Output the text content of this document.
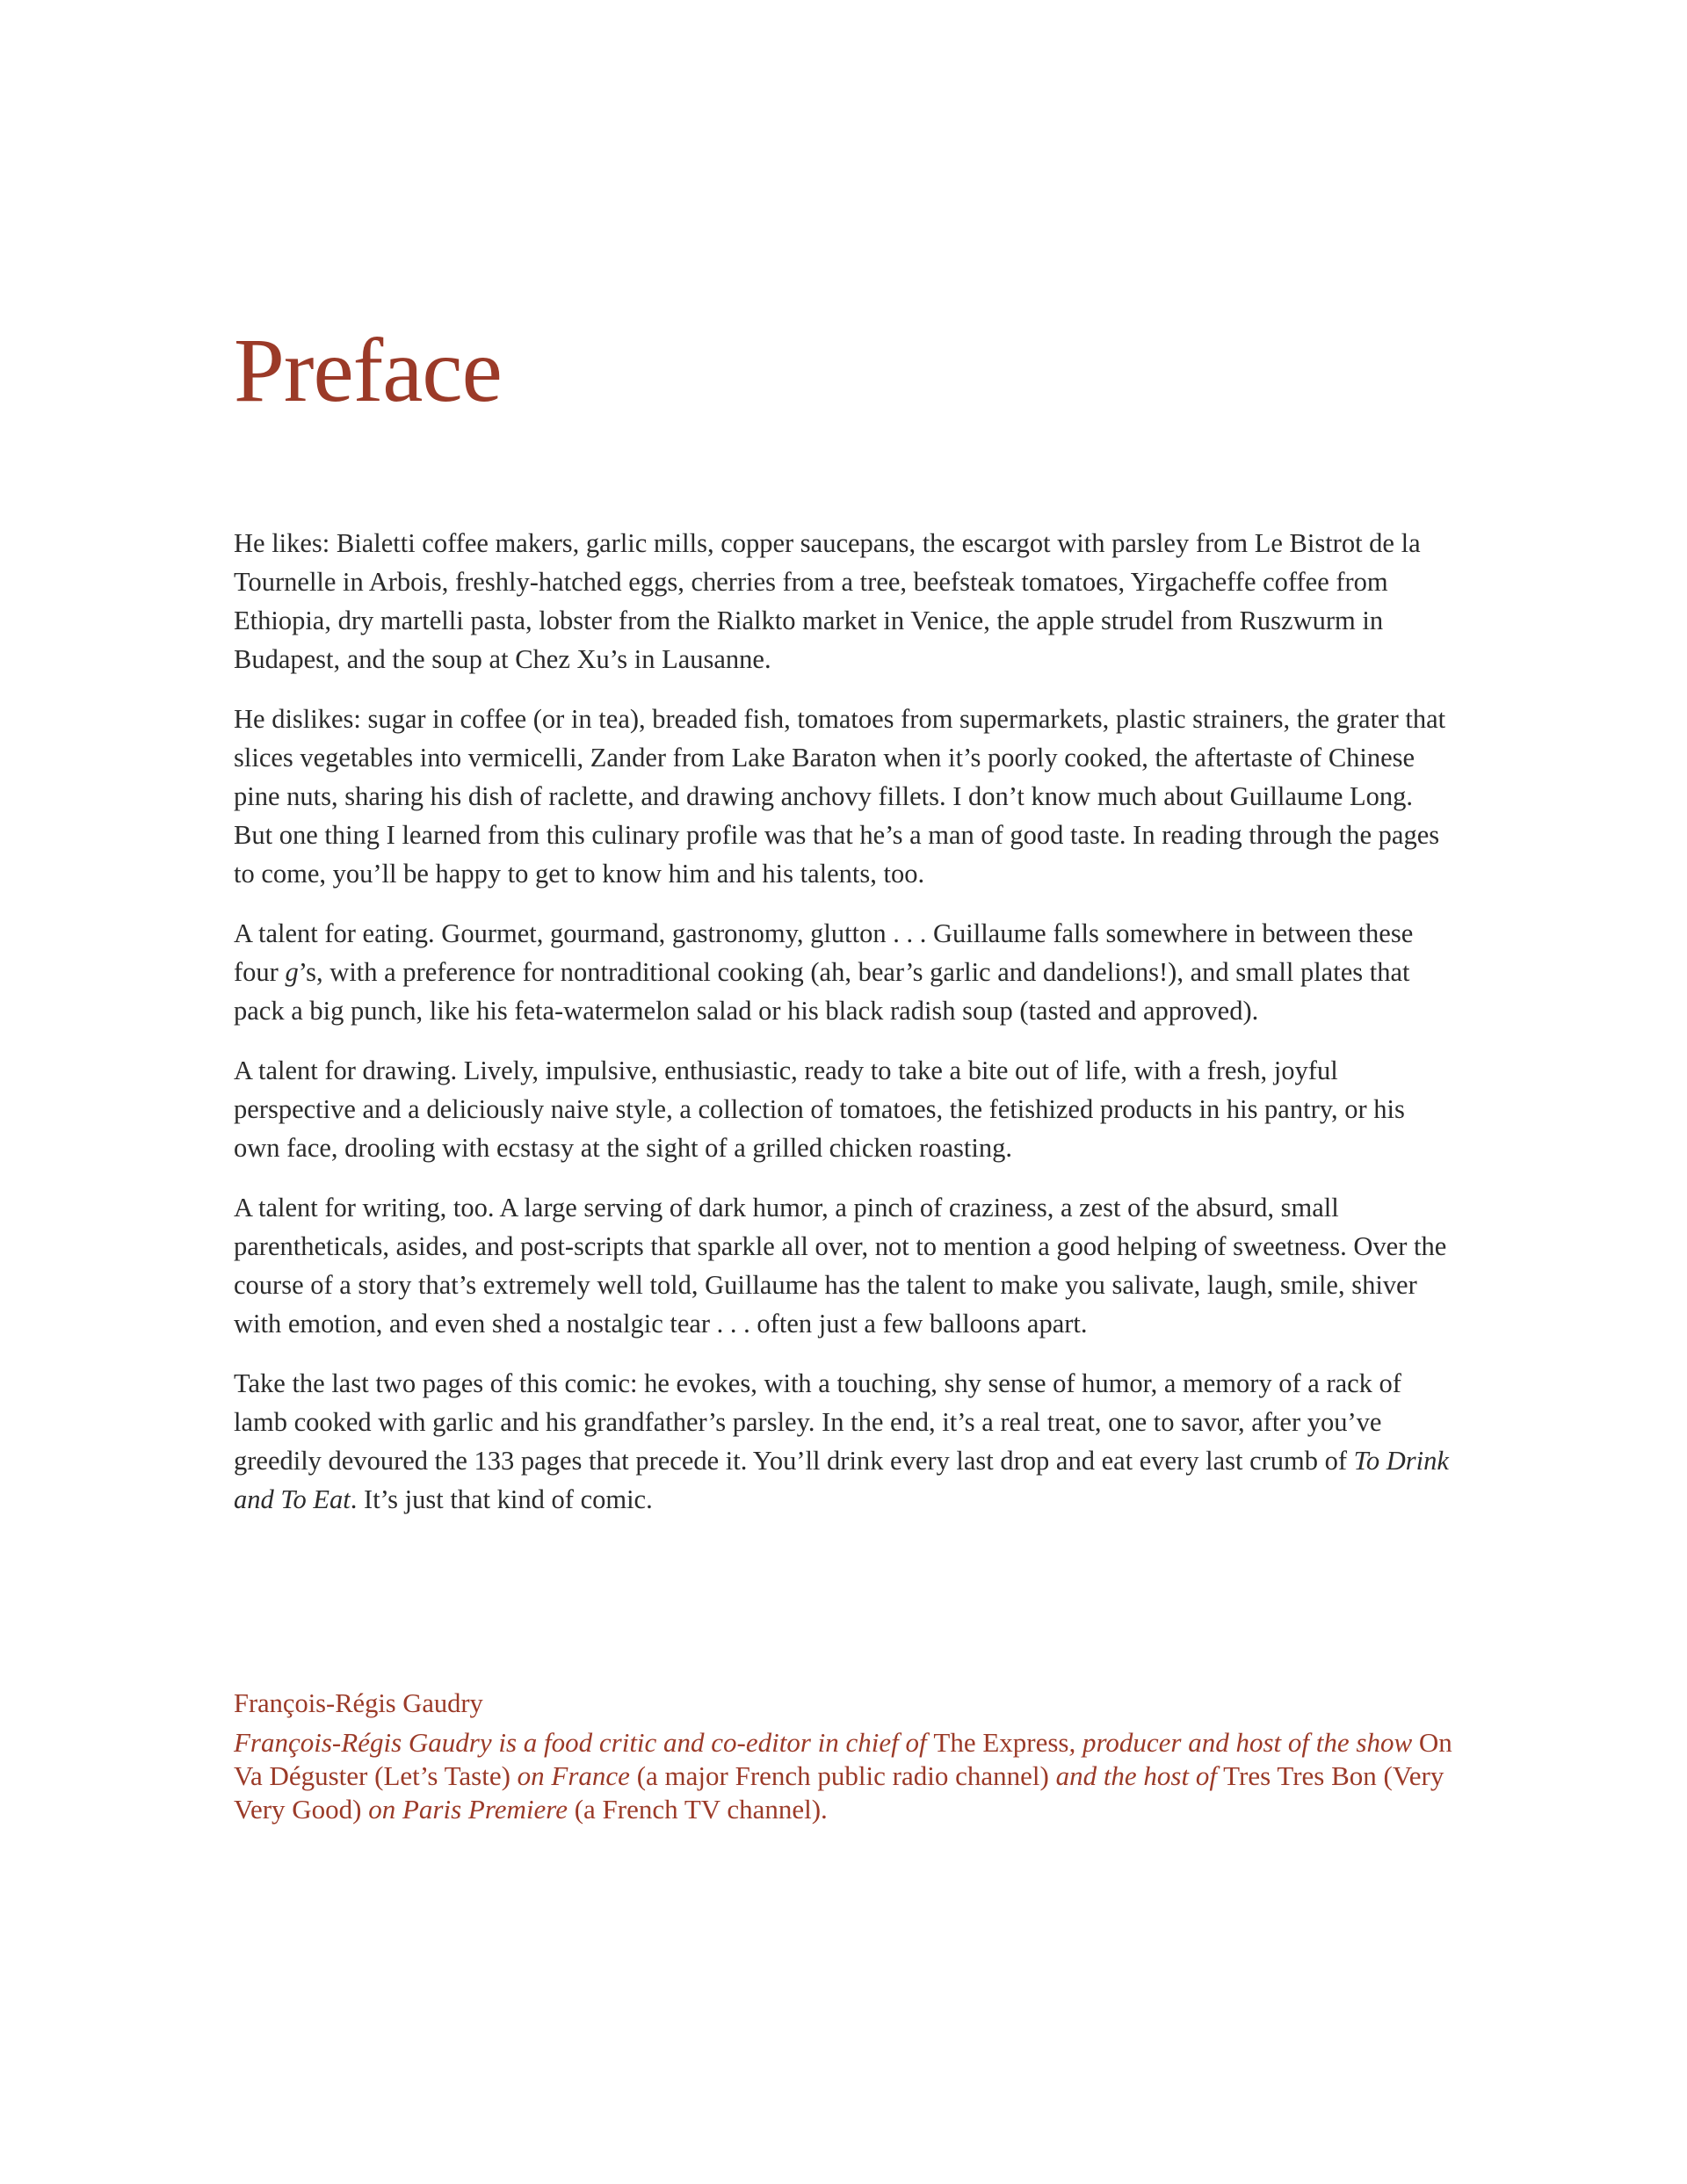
Preface

He likes: Bialetti coffee makers, garlic mills, copper saucepans, the escargot with parsley from Le Bistrot de la Tournelle in Arbois, freshly-hatched eggs, cherries from a tree, beefsteak tomatoes, Yirgacheffe coffee from Ethiopia, dry martelli pasta, lobster from the Rialkto market in Venice, the apple strudel from Ruszwurm in Budapest, and the soup at Chez Xu’s in Lausanne.

He dislikes: sugar in coffee (or in tea), breaded fish, tomatoes from supermarkets, plastic strainers, the grater that slices vegetables into vermicelli, Zander from Lake Baraton when it’s poorly cooked, the aftertaste of Chinese pine nuts, sharing his dish of raclette, and drawing anchovy fillets. I don’t know much about Guillaume Long. But one thing I learned from this culinary profile was that he’s a man of good taste. In reading through the pages to come, you’ll be happy to get to know him and his talents, too.

A talent for eating. Gourmet, gourmand, gastronomy, glutton . . . Guillaume falls somewhere in between these four g’s, with a preference for nontraditional cooking (ah, bear’s garlic and dandelions!), and small plates that pack a big punch, like his feta-watermelon salad or his black radish soup (tasted and approved).

A talent for drawing. Lively, impulsive, enthusiastic, ready to take a bite out of life, with a fresh, joyful perspective and a deliciously naive style, a collection of tomatoes, the fetishized products in his pantry, or his own face, drooling with ecstasy at the sight of a grilled chicken roasting.

A talent for writing, too. A large serving of dark humor, a pinch of craziness, a zest of the absurd, small parentheticals, asides, and post-scripts that sparkle all over, not to mention a good helping of sweetness. Over the course of a story that’s extremely well told, Guillaume has the talent to make you salivate, laugh, smile, shiver with emotion, and even shed a nostalgic tear . . . often just a few balloons apart.

Take the last two pages of this comic: he evokes, with a touching, shy sense of humor, a memory of a rack of lamb cooked with garlic and his grandfather’s parsley. In the end, it’s a real treat, one to savor, after you’ve greedily devoured the 133 pages that precede it. You’ll drink every last drop and eat every last crumb of To Drink and To Eat. It’s just that kind of comic.

François-Régis Gaudry

François-Régis Gaudry is a food critic and co-editor in chief of The Express, producer and host of the show On Va Déguster (Let’s Taste) on France (a major French public radio channel) and the host of Tres Tres Bon (Very Very Good) on Paris Premiere (a French TV channel).
